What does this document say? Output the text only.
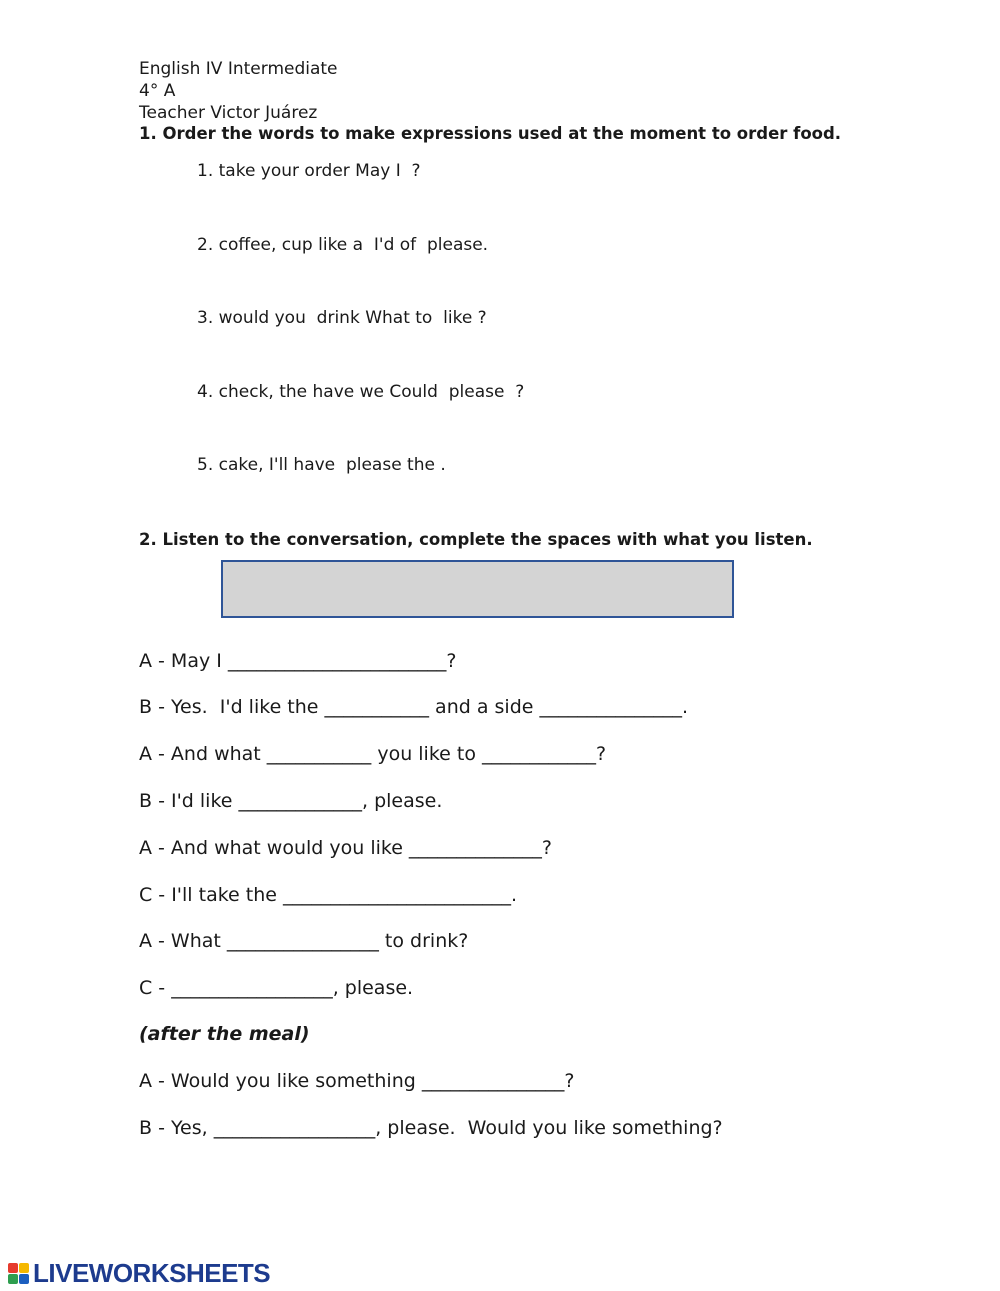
English IV Intermediate
4° A
Teacher Victor Juárez
1. Order the words to make expressions used at the moment to order food.
1. take your order May I  ?
2. coffee, cup like a  I'd of  please.
3. would you  drink What to  like ?
4. check, the have we Could  please  ?
5. cake, I'll have  please the .
2. Listen to the conversation, complete the spaces with what you listen.
A - May I _______________________?
B - Yes.  I'd like the ___________ and a side _______________.
A - And what ___________ you like to ____________?
B - I'd like _____________, please.
A - And what would you like ______________?
C - I'll take the ________________________.
A - What ________________ to drink?
C - _________________, please.
(after the meal)
A - Would you like something _______________?
B - Yes, _________________, please.  Would you like something?
LIVEWORKSHEETS
